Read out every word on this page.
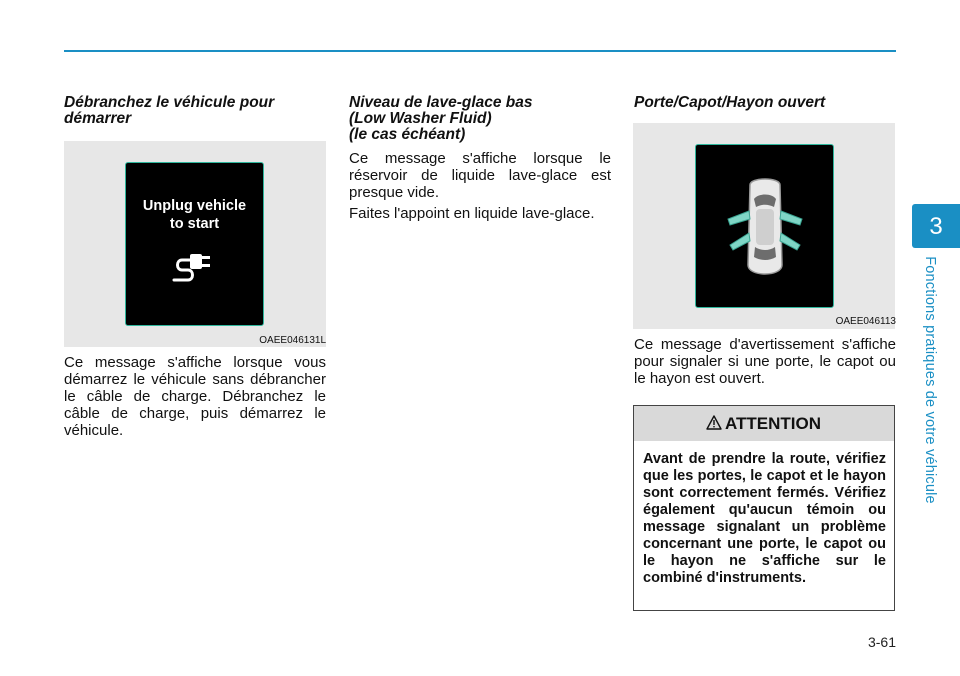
Débranchez le véhicule pour
démarrer
Unplug vehicle
to start
OAEE046131L

Ce message s'affiche lorsque vous démarrez le véhicule sans débrancher le câble de charge. Débranchez le câble de charge, puis démarrez le véhicule.

Niveau de lave-glace bas
(Low Washer Fluid)
(le cas échéant)

Ce message s'affiche lorsque le réservoir de liquide lave-glace est presque vide.

Faites l'appoint en liquide lave-glace.

Porte/Capot/Hayon ouvert
OAEE046113

Ce message d'avertissement s'affiche pour signaler si une porte, le capot ou le hayon est ouvert.

ATTENTION

Avant de prendre la route, vérifiez que les portes, le capot et le hayon sont correctement fermés. Vérifiez également qu'aucun témoin ou message signalant un problème concernant une porte, le capot ou le hayon ne s'affiche sur le combiné d'instruments.

3
Fonctions pratiques de votre véhicule
3-61
